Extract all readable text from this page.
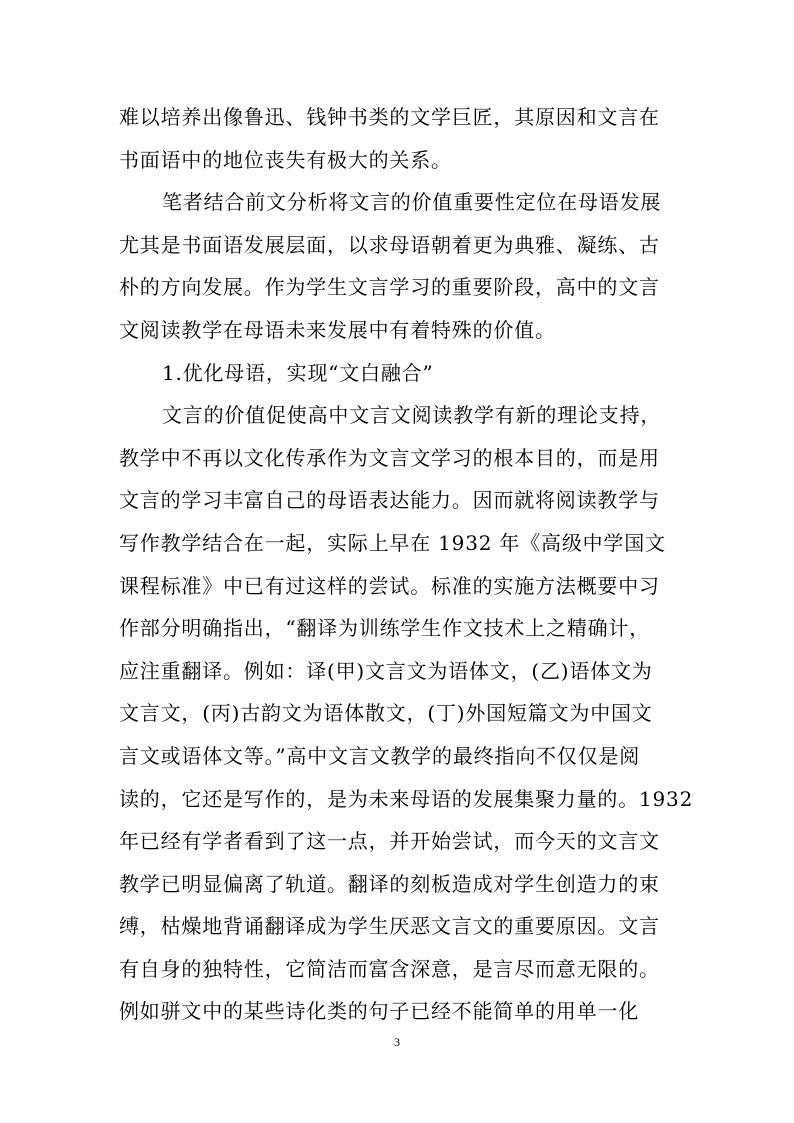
难以培养出像鲁迅、钱钟书类的文学巨匠，其原因和文言在
书面语中的地位丧失有极大的关系。
笔者结合前文分析将文言的价值重要性定位在母语发展
尤其是书面语发展层面，以求母语朝着更为典雅、凝练、古
朴的方向发展。作为学生文言学习的重要阶段，高中的文言
文阅读教学在母语未来发展中有着特殊的价值。
1.优化母语，实现“文白融合”
文言的价值促使高中文言文阅读教学有新的理论支持，
教学中不再以文化传承作为文言文学习的根本目的，而是用
文言的学习丰富自己的母语表达能力。因而就将阅读教学与
写作教学结合在一起，实际上早在 1932 年《高级中学国文
课程标准》中已有过这样的尝试。标准的实施方法概要中习
作部分明确指出，“翻译为训练学生作文技术上之精确计，
应注重翻译。例如：译(甲)文言文为语体文，(乙)语体文为
文言文，(丙)古韵文为语体散文，(丁)外国短篇文为中国文
言文或语体文等。”高中文言文教学的最终指向不仅仅是阅
读的，它还是写作的，是为未来母语的发展集聚力量的。1932
年已经有学者看到了这一点，并开始尝试，而今天的文言文
教学已明显偏离了轨道。翻译的刻板造成对学生创造力的束
缚，枯燥地背诵翻译成为学生厌恶文言文的重要原因。文言
有自身的独特性，它简洁而富含深意，是言尽而意无限的。
例如骈文中的某些诗化类的句子已经不能简单的用单一化
3
